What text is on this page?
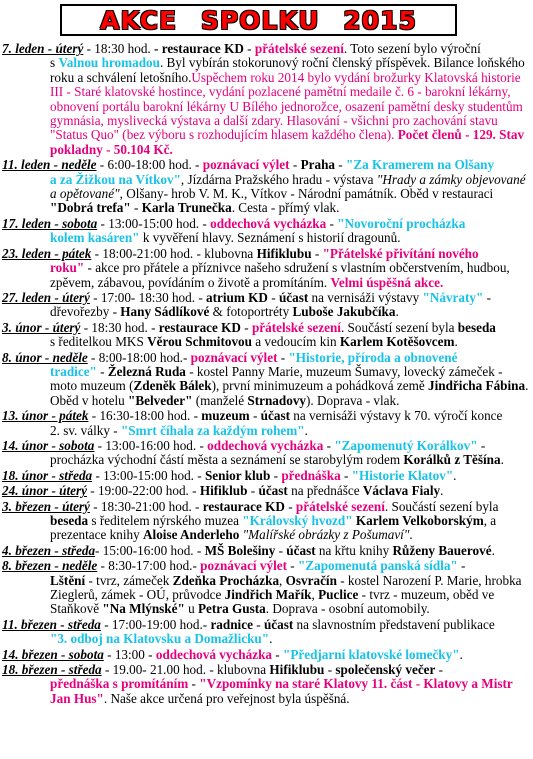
AKCE SPOLKU 2015
7. leden - úterý - 18:30 hod. - restaurace KD - přátelské sezení. Toto sezení bylo výroční
s Valnou hromadou. Byl vybírán stokorunový roční členský příspěvek. Bilance loňského roku a schválení letošního.Úspěchem roku 2014 bylo vydání brožurky Klatovská historie III - Staré klatovské hostince, vydání pozlacené pamětní medaile č. 6 - barokní lékárny, obnovení portálu barokní lékárny U Bílého jednorožce, osazení pamětní desky studentům gymnásia, myslivecká výstava a další zdary. Hlasování - všichni pro zachování stavu "Status Quo" (bez výboru s rozhodujícím hlasem každého člena). Počet členů - 129. Stav pokladny - 50.104 Kč.
11. leden - neděle - 6:00-18:00 hod. - poznávací výlet - Praha - "Za Kramerem na Olšany
a za Žižkou na Vítkov", Jízdárna Pražského hradu - výstava "Hrady a zámky objevované a opětované", Olšany- hrob V. M. K., Vítkov - Národní památník. Oběd v restauraci "Dobrá trefa" - Karla Trunečka. Cesta - přímý vlak.
17. leden - sobota - 13:00-15:00 hod. - oddechová vycházka - "Novoroční procházka
kolem kasáren" k vyvěření hlavy. Seznámení s historií dragounů.
23. leden - pátek - 18:00-21:00 hod. - klubovna Hifiklubu - "Přátelské přivítání nového
roku" - akce pro přátele a příznivce našeho sdružení s vlastním občerstvením, hudbou, zpěvem, zábavou, povídáním o životě a promítáním. Velmi úspěšná akce.
27. leden - úterý - 17:00- 18:30 hod. - atrium KD - účast na vernisáži výstavy "Návraty" -
dřevořezby - Hany Sádlíkové & fotoportréty Luboše Jakubčíka.
3. únor - úterý - 18:30 hod. - restaurace KD - přátelské sezení. Součástí sezení byla beseda
s ředitelkou MKS Věrou Schmitovou a vedoucím kin Karlem Kotěšovcem.
8. únor - neděle - 8:00-18:00 hod.- poznávací výlet - "Historie, příroda a obnovené
tradice" - Železná Ruda - kostel Panny Marie, muzeum Šumavy, lovecký zámeček - moto muzeum (Zdeněk Bálek), první minimuzeum a pohádková země Jindřicha Fábina. Oběd v hotelu "Belveder" (manželé Strnadovy). Doprava - vlak.
13. únor - pátek - 16:30-18:00 hod. - muzeum - účast na vernisáži výstavy k 70. výročí konce
2. sv. války - "Smrt číhala za každým rohem".
14. únor - sobota - 13:00-16:00 hod. - oddechová vycházka - "Zapomenutý Korálkov" -
procházka východní částí města a seznámení se starobylým rodem Korálků z Těšína.
18. únor - středa - 13:00-15:00 hod. - Senior klub - přednáška - "Historie Klatov".
24. únor - úterý - 19:00-22:00 hod. - Hifiklub - účast na přednášce Václava Fialy.
3. březen - úterý - 18:30-21:00 hod. - restaurace KD - přátelské sezení. Součástí sezení byla
beseda s ředitelem nýrského muzea "Královský hvozd" Karlem Velkoborským, a prezentace knihy Aloise Anderleho "Malířské obrázky z Pošumaví".
4. březen - středa- 15:00-16:00 hod. - MŠ Bolešiny - účast na křtu knihy Růženy Bauerové.
8. březen - neděle - 8:30-17:00 hod.- poznávací výlet - "Zapomenutá panská sídla" -
Lštění - tvrz, zámeček Zdeňka Procházka, Osvračín - kostel Narození P. Marie, hrobka Zieglerů, zámek - OÚ, průvodce Jindřich Mařík, Puclice - tvrz - muzeum, oběd ve Staňkově "Na Mlýnské" u Petra Gusta. Doprava - osobní automobily.
11. březen - středa - 17:00-19:00 hod.- radnice - účast na slavnostním představení publikace
"3. odboj na Klatovsku a Domažlicku".
14. březen - sobota - 13:00 - oddechová vycházka - "Předjarní klatovské lomečky".
18. březen - středa - 19.00- 21.00 hod. - klubovna Hifiklubu - společenský večer -
přednáška s promítáním - "Vzpomínky na staré Klatovy 11. část - Klatovy a Mistr Jan Hus". Naše akce určená pro veřejnost byla úspěšná.
